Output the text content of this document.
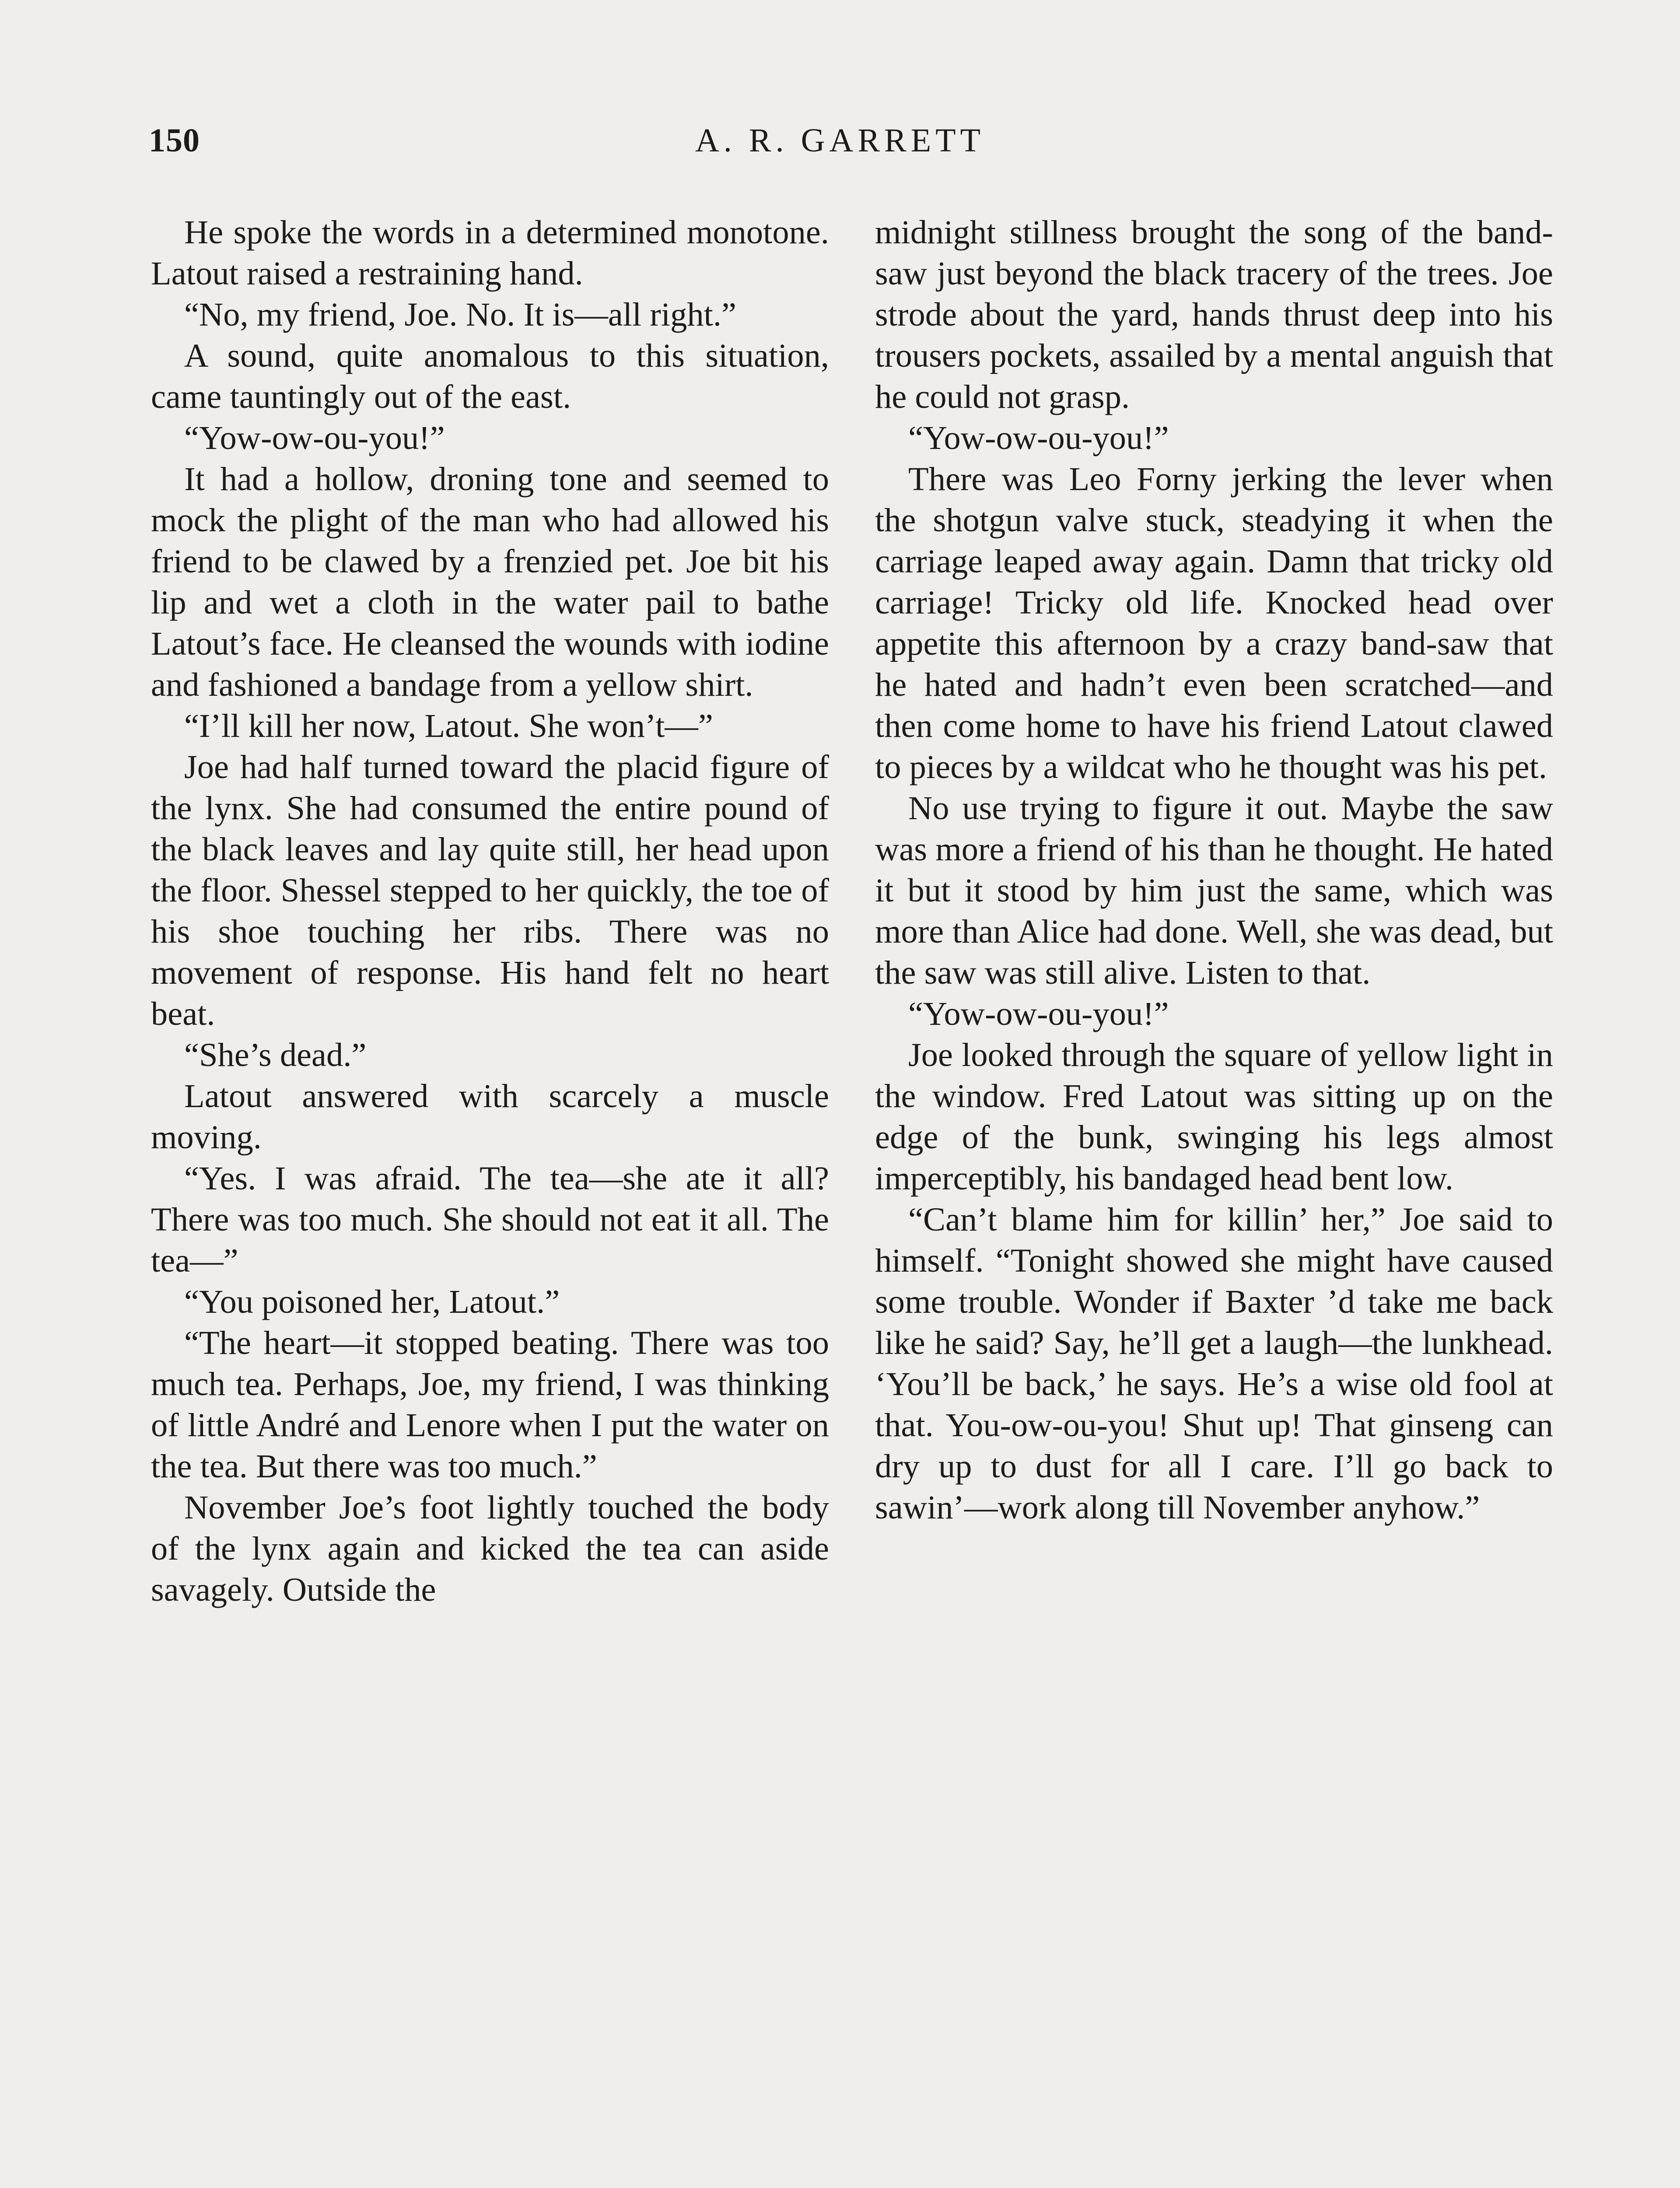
150	A. R. GARRETT

He spoke the words in a determined monotone. Latout raised a restraining hand.

“No, my friend, Joe. No. It is—all right.”

A sound, quite anomalous to this situation, came tauntingly out of the east.

“Yow-ow-ou-you!”

It had a hollow, droning tone and seemed to mock the plight of the man who had allowed his friend to be clawed by a frenzied pet. Joe bit his lip and wet a cloth in the water pail to bathe Latout’s face. He cleansed the wounds with iodine and fashioned a bandage from a yellow shirt.

“I’ll kill her now, Latout. She won’t—”

Joe had half turned toward the placid figure of the lynx. She had consumed the entire pound of the black leaves and lay quite still, her head upon the floor. Shessel stepped to her quickly, the toe of his shoe touching her ribs. There was no movement of response. His hand felt no heart beat.

“She’s dead.”

Latout answered with scarcely a muscle moving.

“Yes. I was afraid. The tea—she ate it all? There was too much. She should not eat it all. The tea—”

“You poisoned her, Latout.”

“The heart—it stopped beating. There was too much tea. Perhaps, Joe, my friend, I was thinking of little André and Lenore when I put the water on the tea. But there was too much.”

November Joe’s foot lightly touched the body of the lynx again and kicked the tea can aside savagely. Outside the

midnight stillness brought the song of the band-saw just beyond the black tracery of the trees. Joe strode about the yard, hands thrust deep into his trousers pockets, assailed by a mental anguish that he could not grasp.

“Yow-ow-ou-you!”

There was Leo Forny jerking the lever when the shotgun valve stuck, steadying it when the carriage leaped away again. Damn that tricky old carriage! Tricky old life. Knocked head over appetite this afternoon by a crazy band-saw that he hated and hadn’t even been scratched—and then come home to have his friend Latout clawed to pieces by a wildcat who he thought was his pet.

No use trying to figure it out. Maybe the saw was more a friend of his than he thought. He hated it but it stood by him just the same, which was more than Alice had done. Well, she was dead, but the saw was still alive. Listen to that.

“Yow-ow-ou-you!”

Joe looked through the square of yellow light in the window. Fred Latout was sitting up on the edge of the bunk, swinging his legs almost imperceptibly, his bandaged head bent low.

“Can’t blame him for killin’ her,” Joe said to himself. “Tonight showed she might have caused some trouble. Wonder if Baxter ’d take me back like he said? Say, he’ll get a laugh—the lunkhead. ‘You’ll be back,’ he says. He’s a wise old fool at that. You-ow-ou-you! Shut up! That ginseng can dry up to dust for all I care. I’ll go back to sawin’—work along till November anyhow.”
